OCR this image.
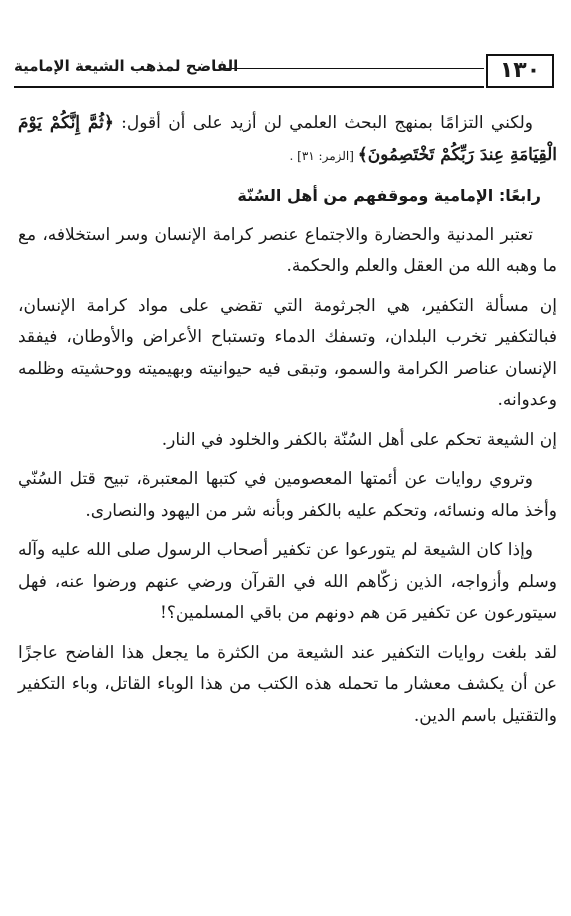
١٣٠
الفاضح لمذهب الشيعة الإمامية

ولكني التزامًا بمنهج البحث العلمي لن أزيد على أن أقول: ﴿ثُمَّ إِنَّكُمْ يَوْمَ الْقِيَامَةِ عِندَ رَبِّكُمْ تَخْتَصِمُونَ﴾ [الزمر: ٣١] .

رابعًا: الإمامية وموقفهم من أهل السُنّة

تعتبر المدنية والحضارة والاجتماع عنصر كرامة الإنسان وسر استخلافه، مع ما وهبه الله من العقل والعلم والحكمة.

إن مسألة التكفير، هي الجرثومة التي تقضي على مواد كرامة الإنسان، فبالتكفير تخرب البلدان، وتسفك الدماء وتستباح الأعراض والأوطان، فيفقد الإنسان عناصر الكرامة والسمو، وتبقى فيه حيوانيته وبهيميته ووحشيته وظلمه وعدوانه.

إن الشيعة تحكم على أهل السُنّة بالكفر والخلود في النار.

وتروي روايات عن أئمتها المعصومين في كتبها المعتبرة، تبيح قتل السُنّي وأخذ ماله ونسائه، وتحكم عليه بالكفر وبأنه شر من اليهود والنصارى.

وإذا كان الشيعة لم يتورعوا عن تكفير أصحاب الرسول صلى الله عليه وآله وسلم وأزواجه، الذين زكّاهم الله في القرآن ورضي عنهم ورضوا عنه، فهل سيتورعون عن تكفير مَن هم دونهم من باقي المسلمين؟!

لقد بلغت روايات التكفير عند الشيعة من الكثرة ما يجعل هذا الفاضح عاجزًا عن أن يكشف معشار ما تحمله هذه الكتب من هذا الوباء القاتل، وباء التكفير والتقتيل باسم الدين.
